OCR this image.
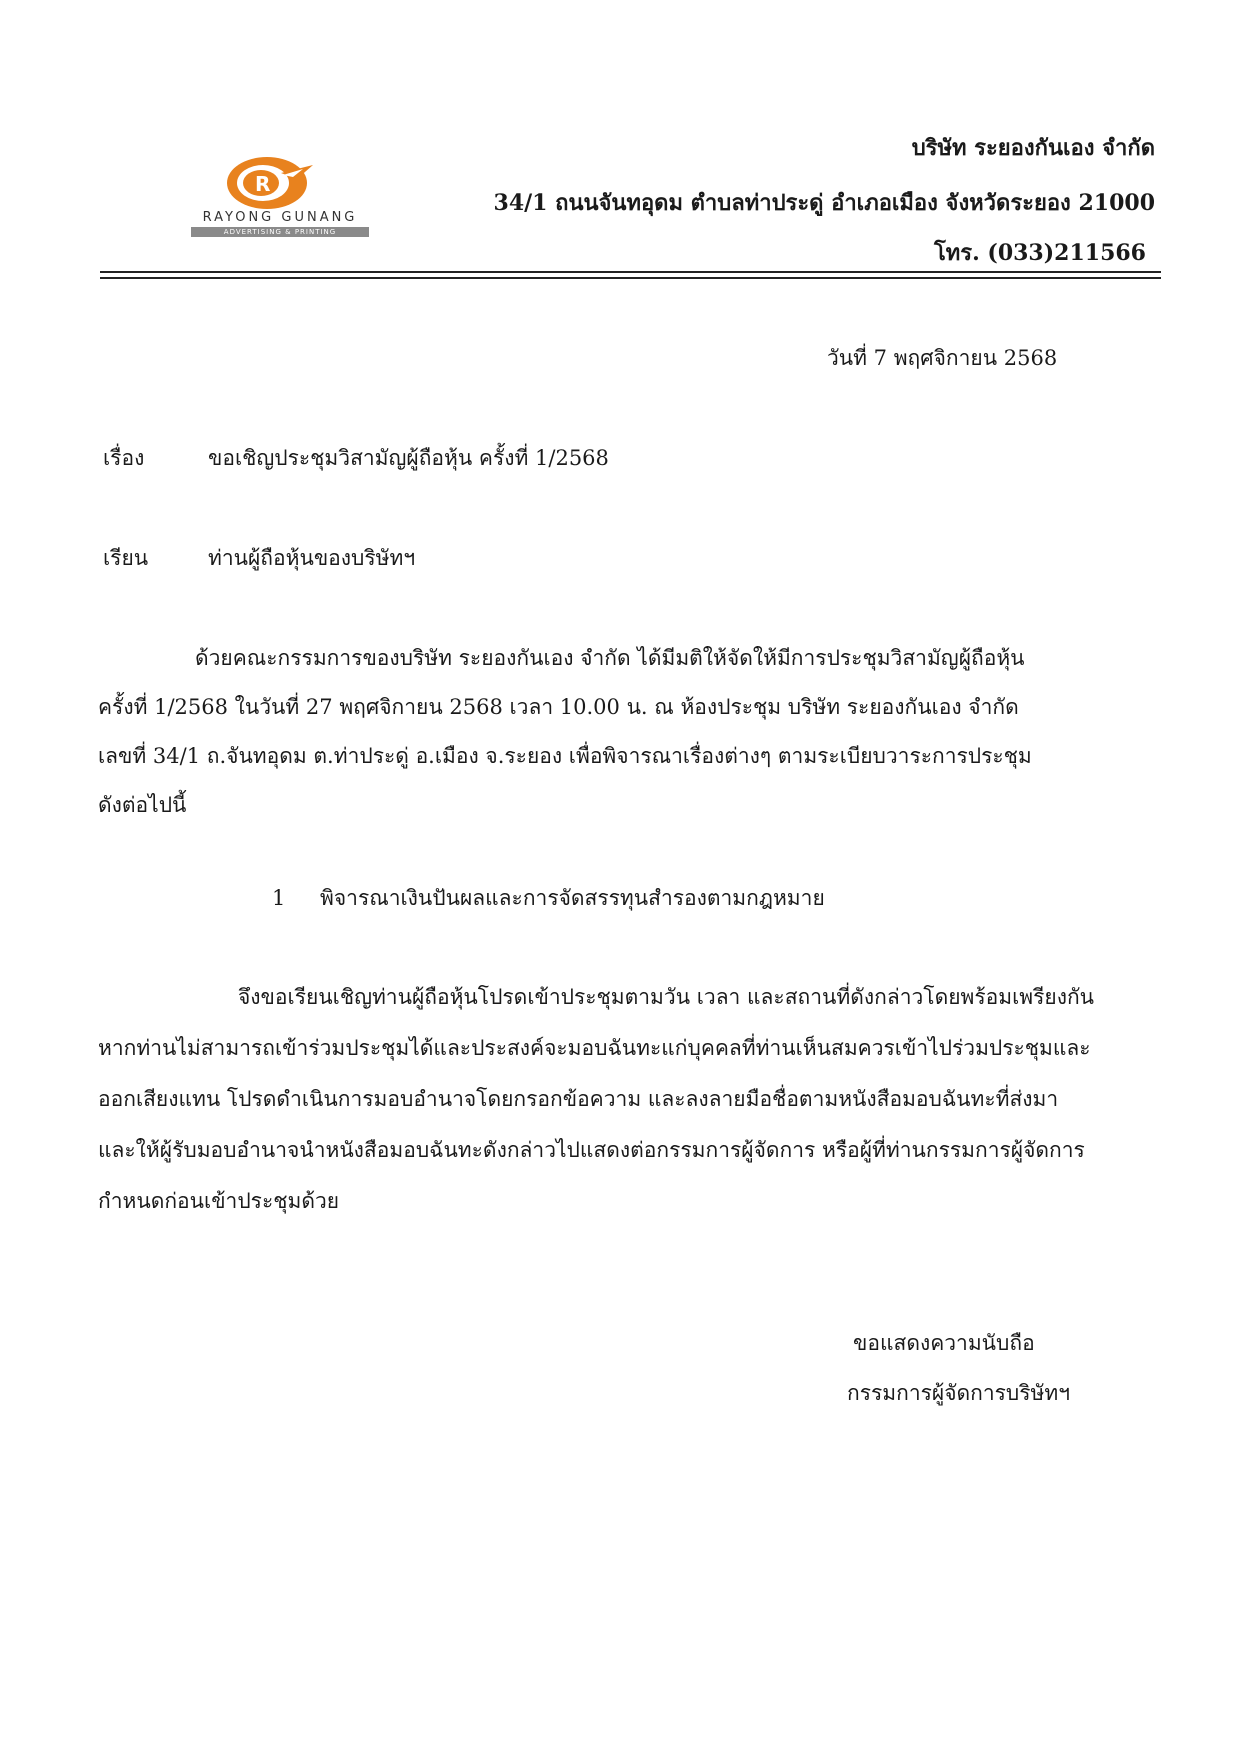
R
RAYONG GUNANG
ADVERTISING & PRINTING
บริษัท ระยองกันเอง จำกัด
34/1 ถนนจันทอุดม ตำบลท่าประดู่ อำเภอเมือง จังหวัดระยอง 21000
โทร. (033)211566
วันที่ 7 พฤศจิกายน 2568
เรื่อง	ขอเชิญประชุมวิสามัญผู้ถือหุ้น ครั้งที่ 1/2568
เรียน	ท่านผู้ถือหุ้นของบริษัทฯ
ด้วยคณะกรรมการของบริษัท ระยองกันเอง จำกัด ได้มีมติให้จัดให้มีการประชุมวิสามัญผู้ถือหุ้น
ครั้งที่ 1/2568 ในวันที่ 27 พฤศจิกายน 2568 เวลา 10.00 น. ณ ห้องประชุม บริษัท ระยองกันเอง จำกัด
เลขที่ 34/1 ถ.จันทอุดม ต.ท่าประดู่ อ.เมือง จ.ระยอง เพื่อพิจารณาเรื่องต่างๆ ตามระเบียบวาระการประชุม
ดังต่อไปนี้
1 พิจารณาเงินปันผลและการจัดสรรทุนสำรองตามกฎหมาย
จึงขอเรียนเชิญท่านผู้ถือหุ้นโปรดเข้าประชุมตามวัน เวลา และสถานที่ดังกล่าวโดยพร้อมเพรียงกัน
หากท่านไม่สามารถเข้าร่วมประชุมได้และประสงค์จะมอบฉันทะแก่บุคคลที่ท่านเห็นสมควรเข้าไปร่วมประชุมและ
ออกเสียงแทน โปรดดำเนินการมอบอำนาจโดยกรอกข้อความ และลงลายมือชื่อตามหนังสือมอบฉันทะที่ส่งมา
และให้ผู้รับมอบอำนาจนำหนังสือมอบฉันทะดังกล่าวไปแสดงต่อกรรมการผู้จัดการ หรือผู้ที่ท่านกรรมการผู้จัดการ
กำหนดก่อนเข้าประชุมด้วย
ขอแสดงความนับถือ
กรรมการผู้จัดการบริษัทฯ
